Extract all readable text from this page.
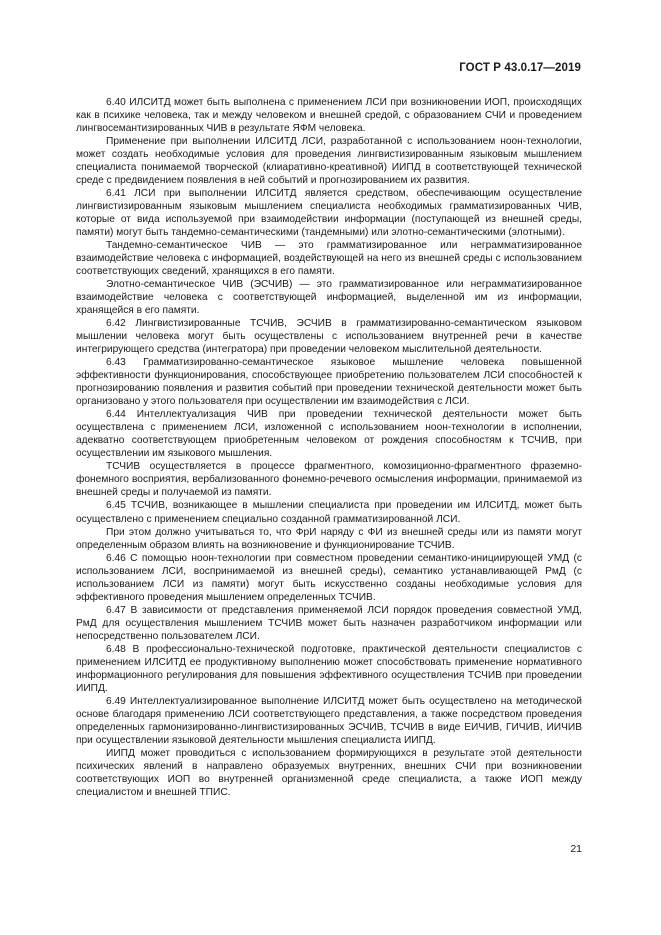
ГОСТ Р 43.0.17—2019

6.40 ИЛСИТД может быть выполнена с применением ЛСИ при возникновении ИОП, происходящих как в психике человека, так и между человеком и внешней средой, с образованием СЧИ и проведением лингвосемантизированных ЧИВ в результате ЯФМ человека.

Применение при выполнении ИЛСИТД ЛСИ, разработанной с использованием ноон-технологии, может создать необходимые условия для проведения лингвистизированным языковым мышлением специалиста понимаемой творческой (клиаративно-креативной) ИИПД в соответствующей технической среде с предвидением появления в ней событий и прогнозированием их развития.

6.41 ЛСИ при выполнении ИЛСИТД является средством, обеспечивающим осуществление лингвистизированным языковым мышлением специалиста необходимых грамматизированных ЧИВ, которые от вида используемой при взаимодействии информации (поступающей из внешней среды, памяти) могут быть тандемно-семантическими (тандемными) или элотно-семантическими (элотными).

Тандемно-семантическое ЧИВ — это грамматизированное или неграмматизированное взаимодействие человека с информацией, воздействующей на него из внешней среды с использованием соответствующих сведений, хранящихся в его памяти.

Элотно-семантическое ЧИВ (ЭСЧИВ) — это грамматизированное или неграмматизированное взаимодействие человека с соответствующей информацией, выделенной им из информации, хранящейся в его памяти.

6.42 Лингвистизированные ТСЧИВ, ЭСЧИВ в грамматизированно-семантическом языковом мышлении человека могут быть осуществлены с использованием внутренней речи в качестве интегрирующего средства (интегратора) при проведении человеком мыслительной деятельности.

6.43 Грамматизированно-семантическое языковое мышление человека повышенной эффективности функционирования, способствующее приобретению пользователем ЛСИ способностей к прогнозированию появления и развития событий при проведении технической деятельности может быть организовано у этого пользователя при осуществлении им взаимодействия с ЛСИ.

6.44 Интеллектуализация ЧИВ при проведении технической деятельности может быть осуществлена с применением ЛСИ, изложенной с использованием ноон-технологии в исполнении, адекватно соответствующем приобретенным человеком от рождения способностям к ТСЧИВ, при осуществлении им языкового мышления.

ТСЧИВ осуществляется в процессе фрагментного, комозиционно-фрагментного фраземно-фонемного восприятия, вербализованного фонемно-речевого осмысления информации, принимаемой из внешней среды и получаемой из памяти.

6.45 ТСЧИВ, возникающее в мышлении специалиста при проведении им ИЛСИТД, может быть осуществлено с применением специально созданной грамматизированной ЛСИ.

При этом должно учитываться то, что ФрИ наряду с ФИ из внешней среды или из памяти могут определенным образом влиять на возникновение и функционирование ТСЧИВ.

6.46 С помощью ноон-технологии при совместном проведении семантико-инициирующей УМД (с использованием ЛСИ, воспринимаемой из внешней среды), семантико устанавливающей РмД (с использованием ЛСИ из памяти) могут быть искусственно созданы необходимые условия для эффективного проведения мышлением определенных ТСЧИВ.

6.47 В зависимости от представления применяемой ЛСИ порядок проведения совместной УМД, РмД для осуществления мышлением ТСЧИВ может быть назначен разработчиком информации или непосредственно пользователем ЛСИ.

6.48 В профессионально-технической подготовке, практической деятельности специалистов с применением ИЛСИТД ее продуктивному выполнению может способствовать применение нормативного информационного регулирования для повышения эффективного осуществления ТСЧИВ при проведении ИИПД.

6.49 Интеллектуализированное выполнение ИЛСИТД может быть осуществлено на методической основе благодаря применению ЛСИ соответствующего представления, а также посредством проведения определенных гармонизированно-лингвистизированных ЭСЧИВ, ТСЧИВ в виде ЕИЧИВ, ГИЧИВ, ИИЧИВ при осуществлении языковой деятельности мышления специалиста ИИПД.

ИИПД может проводиться с использованием формирующихся в результате этой деятельности психических явлений в направлено образуемых внутренних, внешних СЧИ при возникновении соответствующих ИОП во внутренней организменной среде специалиста, а также ИОП между специалистом и внешней ТПИС.

21
